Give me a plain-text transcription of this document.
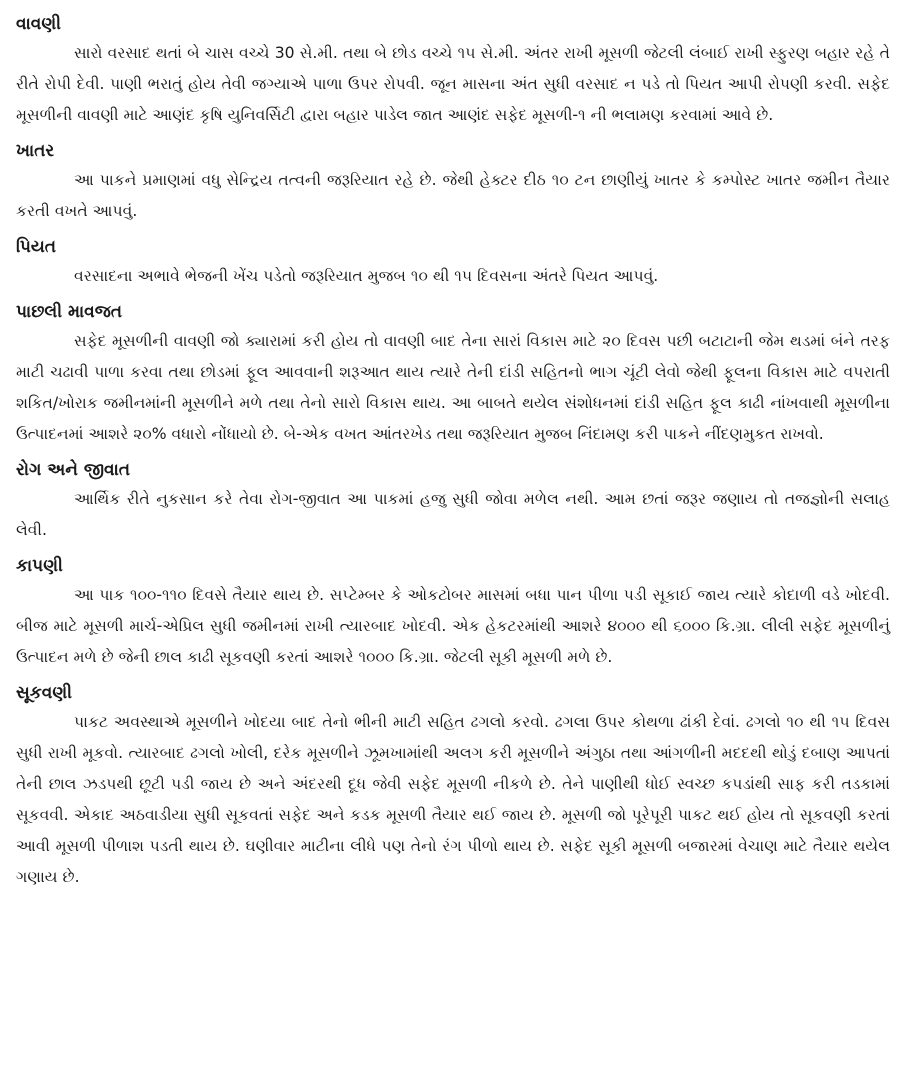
વાવણી

સારો વરસાદ થતાં બે ચાસ વચ્ચે 30 સે.મી. તથા બે છોડ વચ્ચે ૧૫ સે.મી. અંતર રાખી મૂસળી જેટલી લંબાઈ રાખી સ્ફુરણ બહાર રહે તે રીતે રોપી દેવી. પાણી ભરાતું હોય તેવી જગ્યાએ પાળા ઉપર રોપવી. જૂન માસના અંત સુધી વરસાદ ન પડે તો પિયત આપી રોપણી કરવી. સફેદ મૂસળીની વાવણી માટે આણંદ કૃષિ યુનિવર્સિટી દ્વારા બહાર પાડેલ જાત આણંદ સફેદ મૂસળી-૧ ની ભલામણ કરવામાં આવે છે.

ખાતર

આ પાકને પ્રમાણમાં વધુ સેન્દ્રિય તત્વની જરૂરિયાત રહે છે. જેથી હેક્ટર દીઠ ૧૦ ટન છાણીયું ખાતર કે કમ્પોસ્ટ ખાતર જમીન તૈયાર કરતી વખતે આપવું.

પિયત

વરસાદના અભાવે ભેજની ખેંચ પડેતો જરૂરિયાત મુજબ ૧૦ થી ૧૫ દિવસના અંતરે પિયત આપવું.

પાછલી માવજત

સફેદ મૂસળીની વાવણી જો ક્યારામાં કરી હોય તો વાવણી બાદ તેના સારાં વિકાસ માટે ૨૦ દિવસ પછી બટાટાની જેમ થડમાં બંને તરફ માટી ચઢાવી પાળા કરવા તથા છોડમાં ફૂલ આવવાની શરૂઆત થાય ત્યારે તેની દાંડી સહિતનો ભાગ ચૂંટી લેવો જેથી ફૂલના વિકાસ માટે વપરાતી શકિત/ખોરાક જમીનમાંની મૂસળીને મળે તથા તેનો સારો વિકાસ થાય. આ બાબતે થયેલ સંશોધનમાં દાંડી સહિત ફૂલ કાઢી નાંખવાથી મૂસળીના ઉત્પાદનમાં આશરે ૨૦% વધારો નોંધાયો છે. બે-એક વખત આંતરખેડ તથા જરૂરિયાત મુજબ નિંદામણ કરી પાકને નીંદણમુકત રાખવો.

રોગ અને જીવાત

આર્થિક રીતે નુકસાન કરે તેવા રોગ-જીવાત આ પાકમાં હજુ સુધી જોવા મળેલ નથી. આમ છતાં જરૂર જણાય તો તજજ્ઞોની સલાહ લેવી.

કાપણી

આ પાક ૧૦૦-૧૧૦ દિવસે તૈયાર થાય છે. સપ્ટેમ્બર કે ઓકટોબર માસમાં બધા પાન પીળા પડી સૂકાઈ જાય ત્યારે કોદાળી વડે ખોદવી. બીજ માટે મૂસળી માર્ચ-એપ્રિલ સુધી જમીનમાં રાખી ત્યારબાદ ખોદવી. એક હેકટરમાંથી આશરે ૪૦૦૦ થી ૬૦૦૦ કિ.ગ્રા. લીલી સફેદ મૂસળીનું ઉત્પાદન મળે છે જેની છાલ કાઢી સૂકવણી કરતાં આશરે ૧૦૦૦ કિ.ગ્રા. જેટલી સૂકી મૂસળી મળે છે.

સૂકવણી

પાકટ અવસ્થાએ મૂસળીને ખોદયા બાદ તેનો ભીની માટી સહિત ઢગલો કરવો. ઢગલા ઉપર કોથળા ઢાંકી દેવાં. ઢગલો ૧૦ થી ૧૫ દિવસ સુધી રાખી મૂકવો. ત્યારબાદ ઢગલો ખોલી, દરેક મૂસળીને ઝૂમખામાંથી અલગ કરી મૂસળીને અંગુઠા તથા આંગળીની મદદથી થોડું દબાણ આપતાં તેની છાલ ઝડપથી છૂટી પડી જાય છે અને અંદરથી દૂધ જેવી સફેદ મૂસળી નીકળે છે. તેને પાણીથી ધોઈ સ્વચ્છ કપડાંથી સાફ કરી તડકામાં સૂકવવી. એકાદ અઠવાડીયા સુધી સૂકવતાં સફેદ અને કડક મૂસળી તૈયાર થઈ જાય છે. મૂસળી જો પૂરેપૂરી પાકટ થઈ હોય તો સૂકવણી કરતાં આવી મૂસળી પીળાશ પડતી થાય છે. ઘણીવાર માટીના લીધે પણ તેનો રંગ પીળો થાય છે. સફેદ સૂકી મૂસળી બજારમાં વેચાણ માટે તૈયાર થયેલ ગણાય છે.
